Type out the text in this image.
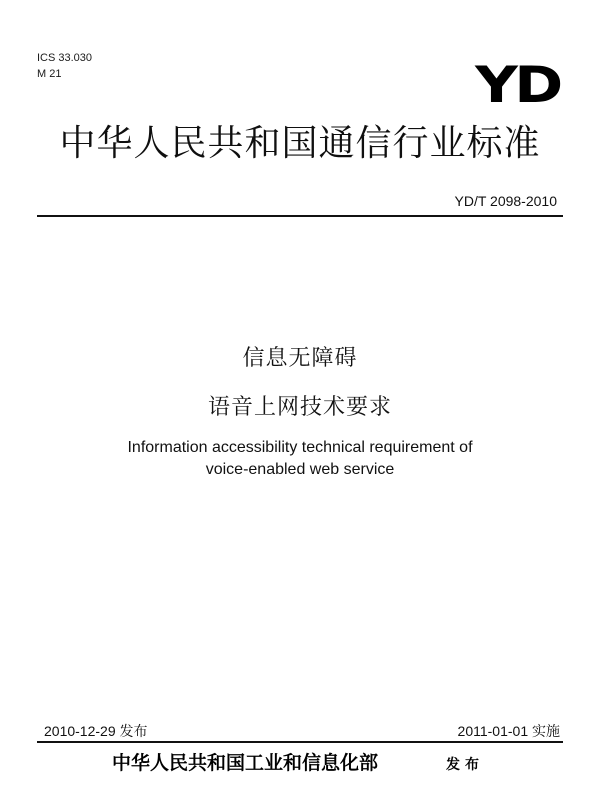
ICS 33.030
M 21	YD
中华人民共和国通信行业标准
YD/T 2098-2010
信息无障碍
语音上网技术要求
Information accessibility technical requirement of
voice-enabled web service
2010-12-29 发布	2011-01-01 实施
中华人民共和国工业和信息化部	发布
